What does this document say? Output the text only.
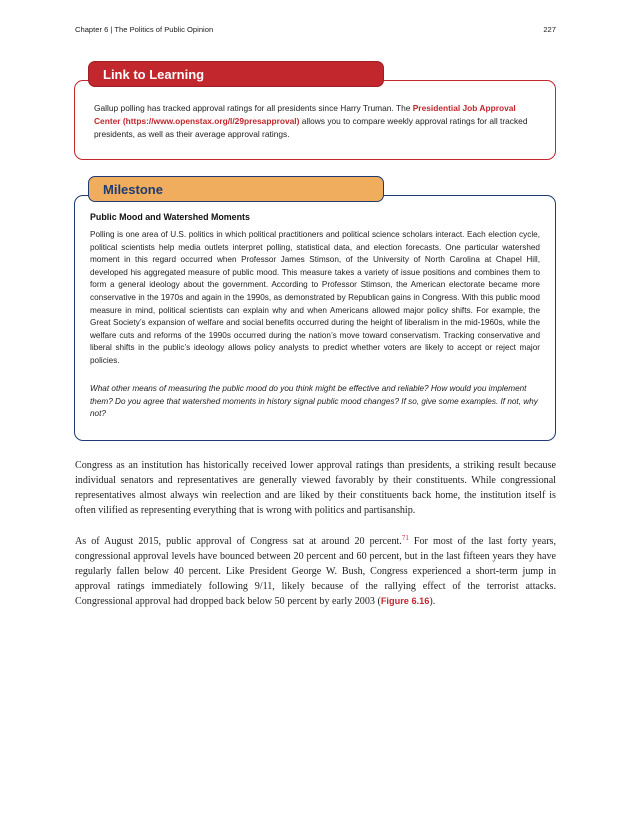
Chapter 6 | The Politics of Public Opinion	227
Link to Learning
Gallup polling has tracked approval ratings for all presidents since Harry Truman. The Presidential Job Approval Center (https://www.openstax.org/l/29presapproval) allows you to compare weekly approval ratings for all tracked presidents, as well as their average approval ratings.
Milestone
Public Mood and Watershed Moments

Polling is one area of U.S. politics in which political practitioners and political science scholars interact. Each election cycle, political scientists help media outlets interpret polling, statistical data, and election forecasts. One particular watershed moment in this regard occurred when Professor James Stimson, of the University of North Carolina at Chapel Hill, developed his aggregated measure of public mood. This measure takes a variety of issue positions and combines them to form a general ideology about the government. According to Professor Stimson, the American electorate became more conservative in the 1970s and again in the 1990s, as demonstrated by Republican gains in Congress. With this public mood measure in mind, political scientists can explain why and when Americans allowed major policy shifts. For example, the Great Society’s expansion of welfare and social benefits occurred during the height of liberalism in the mid-1960s, while the welfare cuts and reforms of the 1990s occurred during the nation’s move toward conservatism. Tracking conservative and liberal shifts in the public’s ideology allows policy analysts to predict whether voters are likely to accept or reject major policies.

What other means of measuring the public mood do you think might be effective and reliable? How would you implement them? Do you agree that watershed moments in history signal public mood changes? If so, give some examples. If not, why not?

Congress as an institution has historically received lower approval ratings than presidents, a striking result because individual senators and representatives are generally viewed favorably by their constituents. While congressional representatives almost always win reelection and are liked by their constituents back home, the institution itself is often vilified as representing everything that is wrong with politics and partisanship.

As of August 2015, public approval of Congress sat at around 20 percent.$^{71}$ For most of the last forty years, congressional approval levels have bounced between 20 percent and 60 percent, but in the last fifteen years they have regularly fallen below 40 percent. Like President George W. Bush, Congress experienced a short-term jump in approval ratings immediately following 9/11, likely because of the rallying effect of the terrorist attacks. Congressional approval had dropped back below 50 percent by early 2003 (Figure 6.16).
